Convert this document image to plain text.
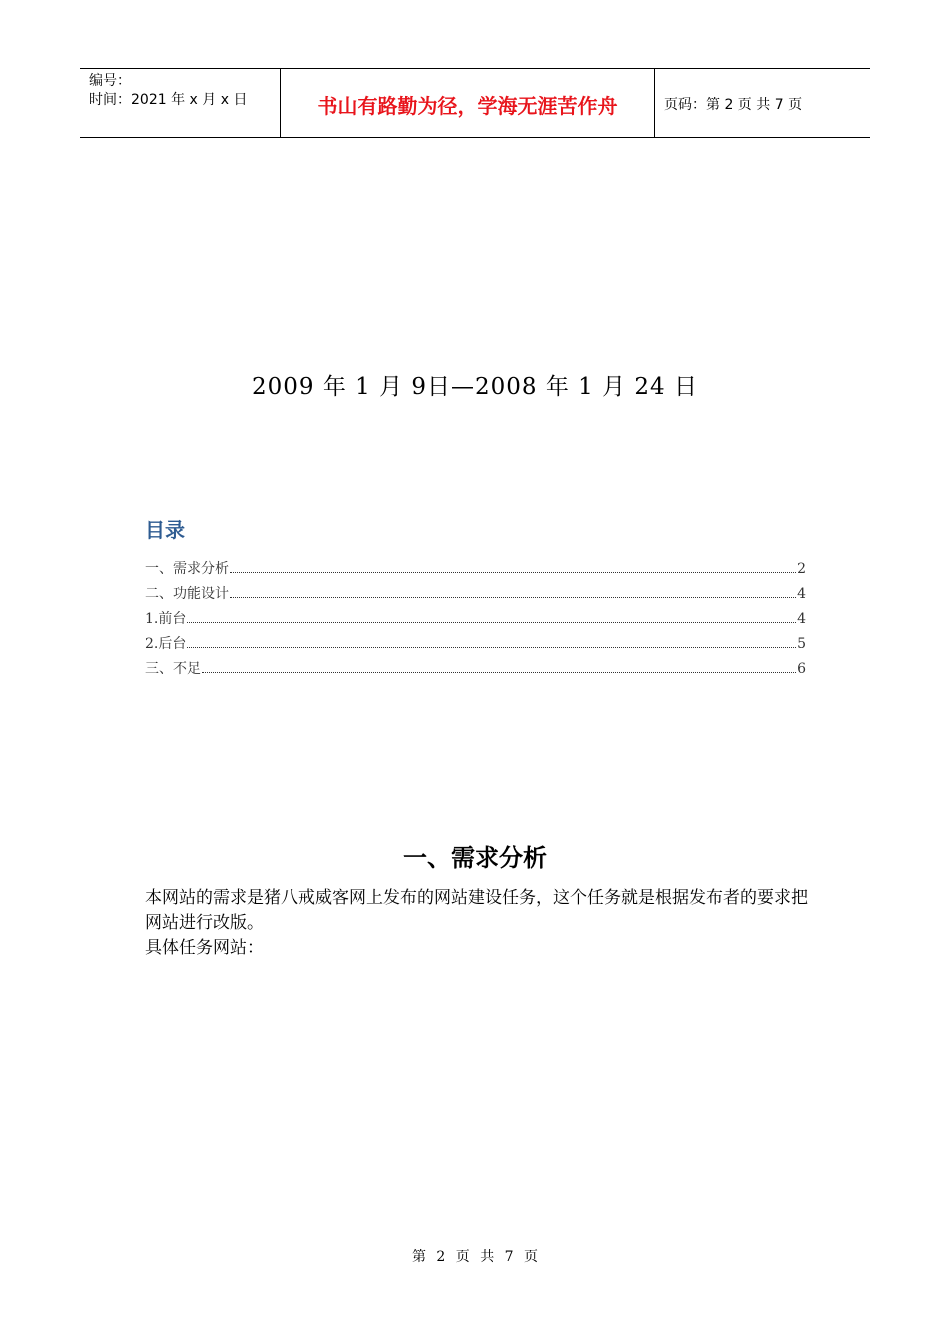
编号：
时间：2021 年 x 月 x 日	书山有路勤为径，学海无涯苦作舟	页码：第 2 页 共 7 页
2009 年 1 月 9日—2008 年 1 月 24 日
目录
一、需求分析	2
二、功能设计	4
1.前台	4
2.后台	5
三、不足	6
一、需求分析

本网站的需求是猪八戒威客网上发布的网站建设任务，这个任务就是根据发布者的要求把网站进行改版。

具体任务网站：

第 2 页 共 7 页
